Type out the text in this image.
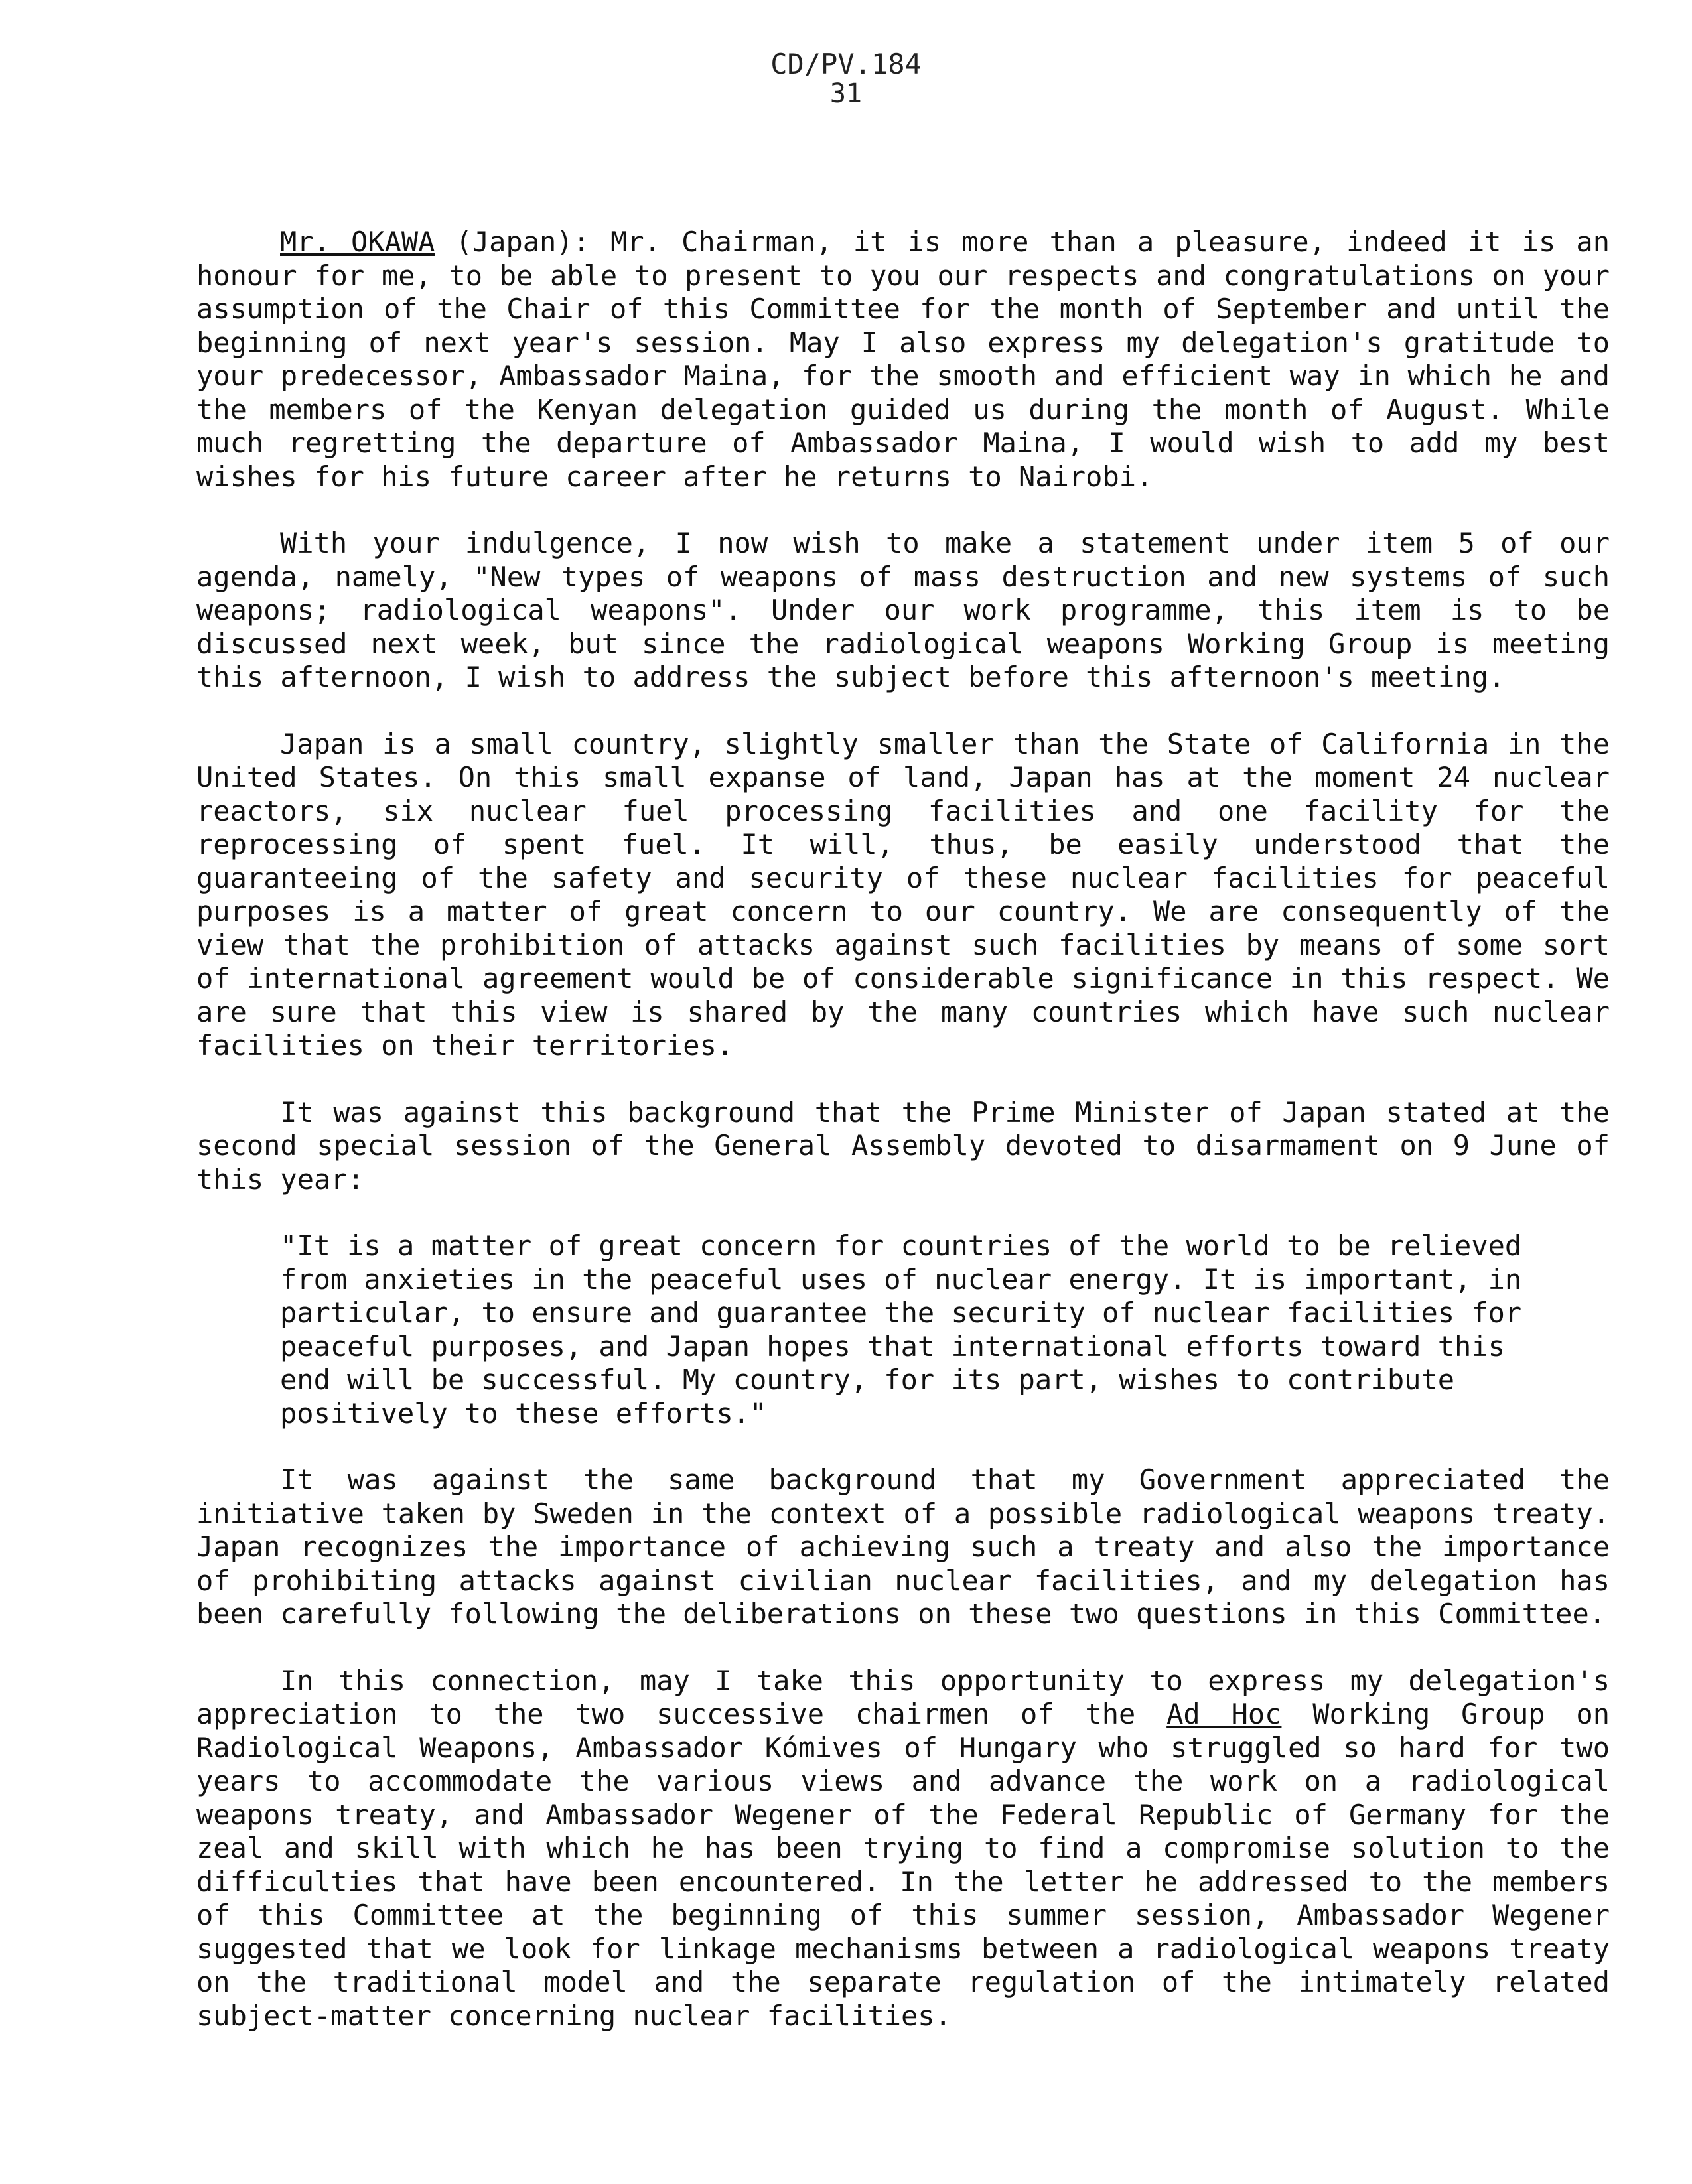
CD/PV.184
31

Mr. OKAWA (Japan): Mr. Chairman, it is more than a pleasure, indeed it is an honour for me, to be able to present to you our respects and congratulations on your assumption of the Chair of this Committee for the month of September and until the beginning of next year's session. May I also express my delegation's gratitude to your predecessor, Ambassador Maina, for the smooth and efficient way in which he and the members of the Kenyan delegation guided us during the month of August. While much regretting the departure of Ambassador Maina, I would wish to add my best wishes for his future career after he returns to Nairobi.

With your indulgence, I now wish to make a statement under item 5 of our agenda, namely, "New types of weapons of mass destruction and new systems of such weapons; radiological weapons". Under our work programme, this item is to be discussed next week, but since the radiological weapons Working Group is meeting this afternoon, I wish to address the subject before this afternoon's meeting.

Japan is a small country, slightly smaller than the State of California in the United States. On this small expanse of land, Japan has at the moment 24 nuclear reactors, six nuclear fuel processing facilities and one facility for the reprocessing of spent fuel. It will, thus, be easily understood that the guaranteeing of the safety and security of these nuclear facilities for peaceful purposes is a matter of great concern to our country. We are consequently of the view that the prohibition of attacks against such facilities by means of some sort of international agreement would be of considerable significance in this respect. We are sure that this view is shared by the many countries which have such nuclear facilities on their territories.

It was against this background that the Prime Minister of Japan stated at the second special session of the General Assembly devoted to disarmament on 9 June of this year:

"It is a matter of great concern for countries of the world to be relieved from anxieties in the peaceful uses of nuclear energy. It is important, in particular, to ensure and guarantee the security of nuclear facilities for peaceful purposes, and Japan hopes that international efforts toward this end will be successful. My country, for its part, wishes to contribute positively to these efforts."

It was against the same background that my Government appreciated the initiative taken by Sweden in the context of a possible radiological weapons treaty. Japan recognizes the importance of achieving such a treaty and also the importance of prohibiting attacks against civilian nuclear facilities, and my delegation has been carefully following the deliberations on these two questions in this Committee.

In this connection, may I take this opportunity to express my delegation's appreciation to the two successive chairmen of the Ad Hoc Working Group on Radiological Weapons, Ambassador Kómives of Hungary who struggled so hard for two years to accommodate the various views and advance the work on a radiological weapons treaty, and Ambassador Wegener of the Federal Republic of Germany for the zeal and skill with which he has been trying to find a compromise solution to the difficulties that have been encountered. In the letter he addressed to the members of this Committee at the beginning of this summer session, Ambassador Wegener suggested that we look for linkage mechanisms between a radiological weapons treaty on the traditional model and the separate regulation of the intimately related subject-matter concerning nuclear facilities.
